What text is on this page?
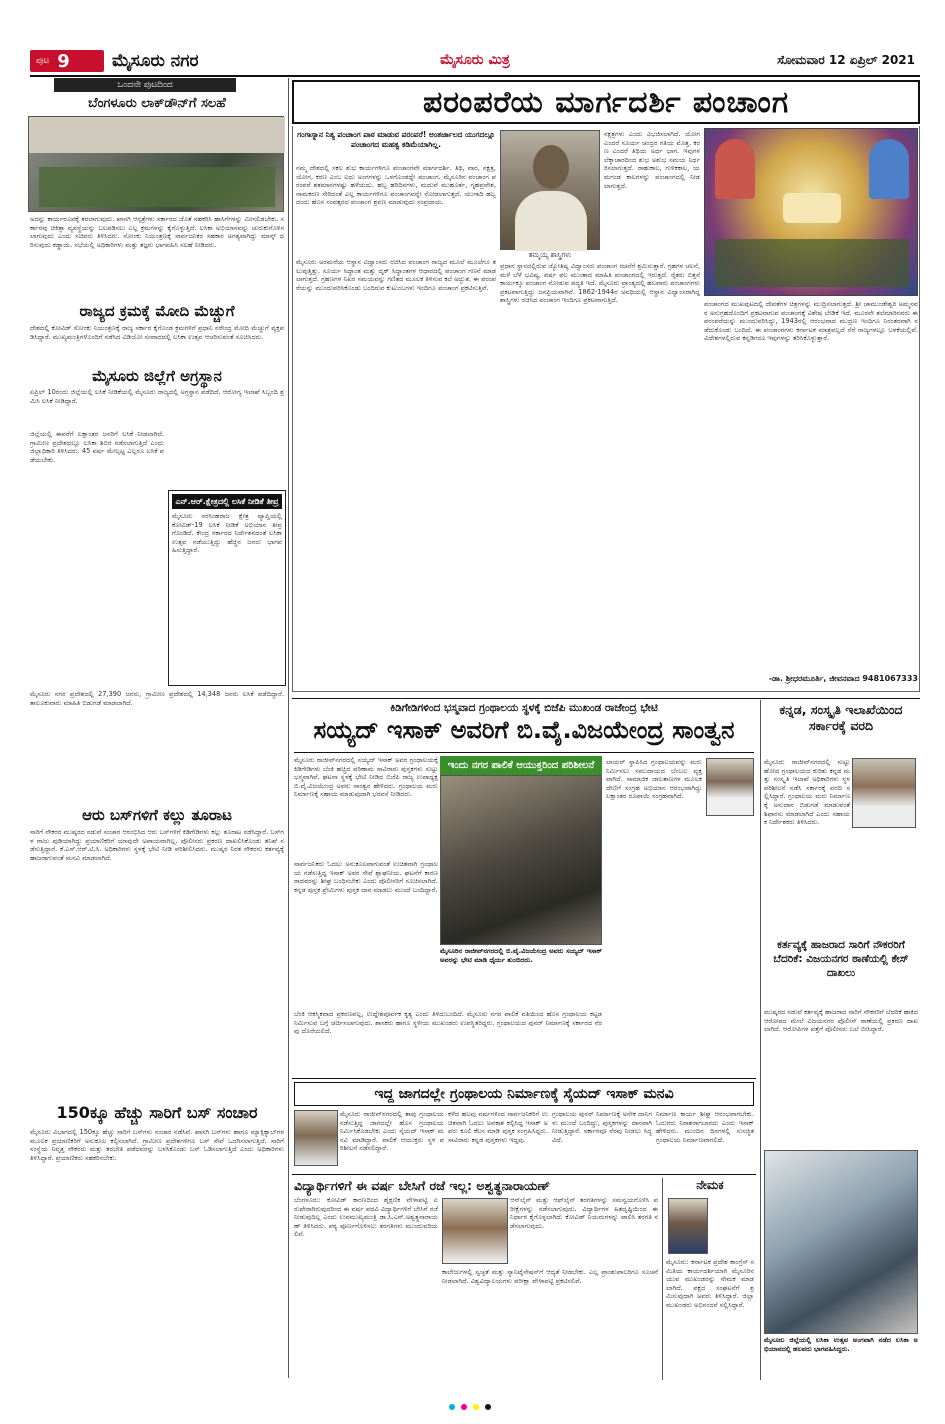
ಪುಟ 9 ಮೈಸೂರು ನಗರ	ಮೈಸೂರು ಮಿತ್ರ	ಸೋಮವಾರ 12 ಏಪ್ರಿಲ್ 2021
ಒಂದನೇ ಪುಟದಿಂದ
ಬೆಂಗಳೂರು ಲಾಕ್‌ಡೌನ್‌ಗೆ ಸಲಹೆ
ಅದನ್ನು ಕಾರ್ಯರೂಪಕ್ಕೆ ತರಲಾಗುವುದು. ಖಾಸಗಿ ಆಸ್ಪತ್ರೆಗಳು ಸರ್ಕಾರದ ಜೊತೆ ಸಹಕರಿಸಿ ಹಾಸಿಗೆಗಳನ್ನು ಮೀಸಲಿಡಬೇಕು. ಸರ್ಕಾರವು ಚಿಕಿತ್ಸಾ ವ್ಯವಸ್ಥೆಯನ್ನು ಬಲಪಡಿಸಲು ಎಲ್ಲ ಕ್ರಮಗಳನ್ನು ಕೈಗೊಳ್ಳುತ್ತಿದೆ. ಲಸಿಕಾ ಅಭಿಯಾನವನ್ನು ಚುರುಕುಗೊಳಿಸಲಾಗುವುದು ಎಂದು ಸಚಿವರು ತಿಳಿಸಿದರು. ಸೋಂಕು ನಿಯಂತ್ರಣಕ್ಕೆ ಸಾರ್ವಜನಿಕರ ಸಹಕಾರ ಅಗತ್ಯವಾಗಿದ್ದು ಮಾಸ್ಕ್ ಧರಿಸುವುದು ಕಡ್ಡಾಯ. ಸಭೆಯಲ್ಲಿ ಅಧಿಕಾರಿಗಳು ಮತ್ತು ತಜ್ಞರು ಭಾಗವಹಿಸಿ ಸಲಹೆ ನೀಡಿದರು.
ರಾಜ್ಯದ ಕ್ರಮಕ್ಕೆ ಮೋದಿ ಮೆಚ್ಚುಗೆ
ದೇಶದಲ್ಲಿ ಕೋವಿಡ್ ಸೋಂಕು ನಿಯಂತ್ರಣಕ್ಕೆ ರಾಜ್ಯ ಸರ್ಕಾರ ಕೈಗೊಂಡ ಕ್ರಮಗಳಿಗೆ ಪ್ರಧಾನಿ ನರೇಂದ್ರ ಮೋದಿ ಮೆಚ್ಚುಗೆ ವ್ಯಕ್ತಪಡಿಸಿದ್ದಾರೆ. ಮುಖ್ಯಮಂತ್ರಿಗಳೊಂದಿಗೆ ನಡೆಸಿದ ವಿಡಿಯೋ ಸಂವಾದದಲ್ಲಿ ಲಸಿಕಾ ಉತ್ಸವ ಆಚರಿಸುವಂತೆ ಸೂಚಿಸಿದರು.
ಮೈಸೂರು ಜಿಲ್ಲೆಗೆ ಅಗ್ರಸ್ಥಾನ
ಏಪ್ರಿಲ್ 10ರಂದು ಜಿಲ್ಲೆಯಲ್ಲಿ ಲಸಿಕೆ ನೀಡಿಕೆಯಲ್ಲಿ ಮೈಸೂರು ರಾಜ್ಯದಲ್ಲಿ ಅಗ್ರಸ್ಥಾನ ಪಡೆದಿದೆ. ಆರೋಗ್ಯ ಇಲಾಖೆ ಸಿಬ್ಬಂದಿ ಶ್ರಮಿಸಿ ಲಸಿಕೆ ನೀಡಿದ್ದಾರೆ.
ಜಿಲ್ಲೆಯಲ್ಲಿ ಈವರೆಗೆ ಲಕ್ಷಾಂತರ ಜನರಿಗೆ ಲಸಿಕೆ ನೀಡಲಾಗಿದೆ. ಗ್ರಾಮೀಣ ಪ್ರದೇಶದಲ್ಲೂ ಲಸಿಕಾ ಶಿಬಿರ ನಡೆಸಲಾಗುತ್ತಿದೆ ಎಂದು ಜಿಲ್ಲಾಧಿಕಾರಿ ತಿಳಿಸಿದರು. 45 ವರ್ಷ ಮೇಲ್ಪಟ್ಟ ಎಲ್ಲರೂ ಲಸಿಕೆ ಪಡೆಯಬೇಕು.
ಎನ್.ಆರ್.ಕ್ಷೇತ್ರದಲ್ಲಿ ಲಸಿಕೆ ನೀಡಿಕೆ ತೀವ್ರ
ಮೈಸೂರು ನರಸಿಂಹರಾಜ ಕ್ಷೇತ್ರ ವ್ಯಾಪ್ತಿಯಲ್ಲಿ ಕೋವಿಡ್-19 ಲಸಿಕೆ ನೀಡಿಕೆ ಅಭಿಯಾನ ತೀವ್ರಗೊಂಡಿದೆ. ಕೇಂದ್ರ ಸರ್ಕಾರದ ನಿರ್ದೇಶನದಂತೆ ಲಸಿಕಾ ಉತ್ಸವ ನಡೆಯುತ್ತಿದ್ದು ಹೆಚ್ಚಿನ ಜನರು ಭಾಗವಹಿಸುತ್ತಿದ್ದಾರೆ.
ಮೈಸೂರು ನಗರ ಪ್ರದೇಶದಲ್ಲಿ 27,390 ಜನರು, ಗ್ರಾಮೀಣ ಪ್ರದೇಶದಲ್ಲಿ 14,348 ಜನರು ಲಸಿಕೆ ಪಡೆದಿದ್ದಾರೆ. ತಾಲೂಕುವಾರು ಮಾಹಿತಿ ಬಿಡುಗಡೆ ಮಾಡಲಾಗಿದೆ.
ಆರು ಬಸ್‌ಗಳಿಗೆ ಕಲ್ಲು ತೂರಾಟ
ಸಾರಿಗೆ ನೌಕರರ ಮುಷ್ಕರದ ನಡುವೆ ಸಂಚಾರ ಆರಂಭಿಸಿದ ಆರು ಬಸ್‌ಗಳಿಗೆ ಕಿಡಿಗೇಡಿಗಳು ಕಲ್ಲು ತೂರಾಟ ನಡೆಸಿದ್ದಾರೆ. ಬಸ್‌ಗಳ ಗಾಜು ಪುಡಿಯಾಗಿದ್ದು ಪ್ರಯಾಣಿಕರಿಗೆ ಯಾವುದೇ ಅಪಾಯವಾಗಿಲ್ಲ. ಪೊಲೀಸರು ಪ್ರಕರಣ ದಾಖಲಿಸಿಕೊಂಡು ತನಿಖೆ ನಡೆಸುತ್ತಿದ್ದಾರೆ. ಕೆ.ಎಸ್.ಆರ್.ಟಿ.ಸಿ. ಅಧಿಕಾರಿಗಳು ಸ್ಥಳಕ್ಕೆ ಭೇಟಿ ನೀಡಿ ಪರಿಶೀಲಿಸಿದರು. ಮುಷ್ಕರ ನಿರತ ನೌಕರರು ಕರ್ತವ್ಯಕ್ಕೆ ಹಾಜರಾಗುವಂತೆ ಮನವಿ ಮಾಡಲಾಗಿದೆ.
150ಕ್ಕೂ ಹೆಚ್ಚು ಸಾರಿಗೆ ಬಸ್ ಸಂಚಾರ
ಮೈಸೂರು ವಿಭಾಗದಲ್ಲಿ 150ಕ್ಕೂ ಹೆಚ್ಚು ಸಾರಿಗೆ ಬಸ್‌ಗಳು ಸಂಚಾರ ನಡೆಸಿವೆ. ಖಾಸಗಿ ಬಸ್‌ಗಳು ಹಾಗೂ ಮ್ಯಾಕ್ಸಿಕ್ಯಾಬ್‌ಗಳ ಮೂಲಕ ಪ್ರಯಾಣಿಕರಿಗೆ ಅನುಕೂಲ ಕಲ್ಪಿಸಲಾಗಿದೆ. ಗ್ರಾಮೀಣ ಪ್ರದೇಶಗಳಿಗೂ ಬಸ್ ಸೇವೆ ಒದಗಿಸಲಾಗುತ್ತಿದೆ. ಸಾರಿಗೆ ಸಂಸ್ಥೆಯ ನಿವೃತ್ತ ನೌಕರರು ಮತ್ತು ತರಬೇತಿ ಪಡೆದವರನ್ನು ಬಳಸಿಕೊಂಡು ಬಸ್ ಓಡಿಸಲಾಗುತ್ತಿದೆ ಎಂದು ಅಧಿಕಾರಿಗಳು ತಿಳಿಸಿದ್ದಾರೆ. ಪ್ರಯಾಣಿಕರು ಸಹಕರಿಸಬೇಕು.
ಪರಂಪರೆಯ ಮಾರ್ಗದರ್ಶಿ ಪಂಚಾಂಗ
ಗಂಗಾಸ್ನಾನ ನಿತ್ಯ ಪಂಚಾಂಗ ಪಾಠ ಮಾಡುವ ಪರಂಪರೆ! ಅಂತರ್ಜಾಲದ ಯುಗದಲ್ಲೂ ಪಂಚಾಂಗದ ಮಹತ್ವ ಕಡಿಮೆಯಾಗಿಲ್ಲ.
ನಮ್ಮ ದೇಶದಲ್ಲಿ ಸಕಲ ಶುಭ ಕಾರ್ಯಗಳಿಗೂ ಪಂಚಾಂಗವೇ ಮಾರ್ಗದರ್ಶಿ. ತಿಥಿ, ವಾರ, ನಕ್ಷತ್ರ, ಯೋಗ, ಕರಣ ಎಂಬ ಐದು ಅಂಗಗಳನ್ನು ಒಳಗೊಂಡದ್ದೇ ಪಂಚಾಂಗ. ಮೈಸೂರಿನ ಪಂಚಾಂಗ ಪರಂಪರೆ ಶತಮಾನಗಳಷ್ಟು ಹಳೆಯದು. ಹಬ್ಬ ಹರಿದಿನಗಳು, ಮದುವೆ ಮುಹೂರ್ತ, ಗೃಹಪ್ರವೇಶ, ನಾಮಕರಣ ಸೇರಿದಂತೆ ಎಲ್ಲ ಕಾರ್ಯಗಳಿಗೂ ಪಂಚಾಂಗವನ್ನೇ ನೋಡಲಾಗುತ್ತದೆ. ಯುಗಾದಿ ಹಬ್ಬದಂದು ಹೊಸ ಸಂವತ್ಸರದ ಪಂಚಾಂಗ ಶ್ರವಣ ಮಾಡುವುದು ಸಂಪ್ರದಾಯ.
ತಮ್ಮಯ್ಯ ಶಾಸ್ತ್ರಿಗಳು
ನಕ್ಷತ್ರಗಳು ಎಂದು ವಿಭಜಿಸಲಾಗಿದೆ. ಯೋಗ ಎಂದರೆ ಸೂರ್ಯ ಚಂದ್ರರ ಗತಿಯ ಮೊತ್ತ. ಕರಣ ಎಂದರೆ ತಿಥಿಯ ಅರ್ಧ ಭಾಗ. ಇವುಗಳ ಲೆಕ್ಕಾಚಾರದಿಂದ ಶುಭ ಅಶುಭ ಸಮಯ ನಿರ್ಧರಿಸಲಾಗುತ್ತದೆ. ರಾಹುಕಾಲ, ಗುಳಿಕಕಾಲ, ಯಮಗಂಡ ಕಾಲಗಳನ್ನು ಪಂಚಾಂಗದಲ್ಲಿ ನೀಡಲಾಗುತ್ತದೆ.
ಮೈಸೂರು ಅರಮನೆಯ ಆಸ್ಥಾನ ವಿದ್ವಾಂಸರು ರಚಿಸಿದ ಪಂಚಾಂಗ ರಾಜ್ಯದ ಮೂಲೆ ಮೂಲೆಗೂ ತಲುಪುತ್ತಿತ್ತು. ಸೂರ್ಯ ಸಿದ್ಧಾಂತ ಮತ್ತು ದೃಕ್ ಸಿದ್ಧಾಂತಗಳ ಆಧಾರದಲ್ಲಿ ಪಂಚಾಂಗ ಗಣನೆ ಮಾಡಲಾಗುತ್ತದೆ. ಗ್ರಹಣಗಳ ನಿಖರ ಸಮಯವನ್ನು ಗಣಿತದ ಮೂಲಕ ತಿಳಿಸುವ ಕಲೆ ಅದ್ಭುತ. ಈ ಪರಂಪರೆಯನ್ನು ಮುಂದುವರಿಸಿಕೊಂಡು ಬಂದಿರುವ ಕುಟುಂಬಗಳು ಇಂದಿಗೂ ಪಂಚಾಂಗ ಪ್ರಕಟಿಸುತ್ತಿವೆ.
ಪ್ರಧಾನ ಸ್ಥಾನದಲ್ಲಿರುವ ಜ್ಯೋತಿಷ್ಯ ವಿದ್ವಾಂಸರು ಪಂಚಾಂಗ ರಚನೆಗೆ ಶ್ರಮಿಸುತ್ತಾರೆ. ಗ್ರಹಗಳ ಚಲನೆ, ಮಳೆ ಬೆಳೆ ಭವಿಷ್ಯ, ವರ್ಷ ಫಲ ಮುಂತಾದ ಮಾಹಿತಿ ಪಂಚಾಂಗದಲ್ಲಿ ಇರುತ್ತದೆ. ರೈತರು ಬಿತ್ತನೆ ಕಾರ್ಯಕ್ಕೂ ಪಂಚಾಂಗ ನೋಡುವ ಪದ್ಧತಿ ಇದೆ. ಮೈಸೂರು ಪ್ರಾಂತ್ಯದಲ್ಲಿ ಹಲವಾರು ಪಂಚಾಂಗಗಳು ಪ್ರಕಟವಾಗುತ್ತಿದ್ದು ಜನಪ್ರಿಯವಾಗಿವೆ. 1862-1944ರ ಅವಧಿಯಲ್ಲಿ ಆಸ್ಥಾನ ವಿದ್ವಾಂಸರಾಗಿದ್ದ ಶಾಸ್ತ್ರಿಗಳು ರಚಿಸಿದ ಪಂಚಾಂಗ ಇಂದಿಗೂ ಪ್ರಕಟವಾಗುತ್ತಿದೆ.	ಪಂಚಾಂಗದ ಮುಖಪುಟದಲ್ಲಿ ದೇವತೆಗಳ ಚಿತ್ರಗಳನ್ನು ಮುದ್ರಿಸಲಾಗುತ್ತದೆ. ಶ್ರೀ ಚಾಮುಂಡೇಶ್ವರಿ ಅಮ್ಮನವರ ಅನುಗ್ರಹದೊಂದಿಗೆ ಪ್ರಕಟವಾಗುವ ಪಂಚಾಂಗಕ್ಕೆ ವಿಶೇಷ ಬೇಡಿಕೆ ಇದೆ. ಮೂರನೇ ತಲೆಮಾರಿನವರು ಈ ಪರಂಪರೆಯನ್ನು ಮುಂದುವರಿಸಿದ್ದು, 1943ರಲ್ಲಿ ಆರಂಭವಾದ ಮುದ್ರಣ ಇಂದಿಗೂ ನಿರಂತರವಾಗಿ ನಡೆದುಕೊಂಡು ಬಂದಿದೆ. ಈ ಪಂಚಾಂಗಗಳು ಕರ್ನಾಟಕ ಮಾತ್ರವಲ್ಲದೆ ನೆರೆ ರಾಜ್ಯಗಳಲ್ಲೂ ಬಳಕೆಯಲ್ಲಿವೆ. ವಿದೇಶಗಳಲ್ಲಿರುವ ಕನ್ನಡಿಗರೂ ಇವುಗಳನ್ನು ತರಿಸಿಕೊಳ್ಳುತ್ತಾರೆ.
-ಡಾ. ಶ್ರೀಧರಮೂರ್ತಿ, ಜೀವನವಾದ 9481067333
ಕಿಡಿಗೇಡಿಗಳಿಂದ ಭಸ್ಮವಾದ ಗ್ರಂಥಾಲಯ ಸ್ಥಳಕ್ಕೆ ಬಿಜೆಪಿ ಮುಖಂಡ ರಾಜೇಂದ್ರ ಭೇಟಿ
ಸಯ್ಯದ್ ಇಸಾಕ್ ಅವರಿಗೆ ಬಿ.ವೈ.ವಿಜಯೇಂದ್ರ ಸಾಂತ್ವನ
ಮೈಸೂರು ರಾಜೀವ್‌ನಗರದಲ್ಲಿ ಸಯ್ಯದ್ ಇಸಾಕ್ ಅವರ ಗ್ರಂಥಾಲಯಕ್ಕೆ ಕಿಡಿಗೇಡಿಗಳು ಬೆಂಕಿ ಹಚ್ಚಿದ ಪರಿಣಾಮ ಸಾವಿರಾರು ಪುಸ್ತಕಗಳು ಸುಟ್ಟು ಭಸ್ಮವಾಗಿವೆ. ಘಟನಾ ಸ್ಥಳಕ್ಕೆ ಭೇಟಿ ನೀಡಿದ ಬಿಜೆಪಿ ರಾಜ್ಯ ಉಪಾಧ್ಯಕ್ಷ ಬಿ.ವೈ.ವಿಜಯೇಂದ್ರ ಅವರು ಸಾಂತ್ವನ ಹೇಳಿದರು. ಗ್ರಂಥಾಲಯ ಮರು ನಿರ್ಮಾಣಕ್ಕೆ ಸಹಾಯ ಮಾಡುವುದಾಗಿ ಭರವಸೆ ನೀಡಿದರು.
ಇಂದು ನಗರ ಪಾಲಿಕೆ ಆಯುಕ್ತರಿಂದ ಪರಿಶೀಲನೆ
ಮೈಸೂರಿನ ರಾಜೀವ್‌ನಗರದಲ್ಲಿ ಬಿ.ವೈ.ವಿಜಯೇಂದ್ರ ಅವರು ಸಯ್ಯದ್ ಇಸಾಕ್ ಅವರನ್ನು ಭೇಟಿ ಮಾಡಿ ಧೈರ್ಯ ತುಂಬಿದರು.
ಸಾರ್ವಜನಿಕರು ಓದಲು ಅನುಕೂಲವಾಗುವಂತೆ ಉಚಿತವಾಗಿ ಗ್ರಂಥಾಲಯ ನಡೆಸುತ್ತಿದ್ದ ಇಸಾಕ್ ಅವರ ಸೇವೆ ಶ್ಲಾಘನೀಯ. ಘಟನೆಗೆ ಕಾರಣರಾದವರನ್ನು ಶೀಘ್ರ ಬಂಧಿಸಬೇಕು ಎಂದು ಪೊಲೀಸರಿಗೆ ಸೂಚಿಸಲಾಗಿದೆ. ಕನ್ನಡ ಪುಸ್ತಕ ಪ್ರೇಮಿಗಳು ಪುಸ್ತಕ ದಾನ ಮಾಡಲು ಮುಂದೆ ಬಂದಿದ್ದಾರೆ.
ಬೆಂಕಿ ಆಕಸ್ಮಿಕವಾದ ಪ್ರಕರಣವಲ್ಲ, ಉದ್ದೇಶಪೂರ್ವಕ ಕೃತ್ಯ ಎಂದು ತಿಳಿದುಬಂದಿದೆ. ಮೈಸೂರು ನಗರ ಪಾಲಿಕೆ ವತಿಯಿಂದ ಹೊಸ ಗ್ರಂಥಾಲಯ ಕಟ್ಟಡ ನಿರ್ಮಿಸುವ ಬಗ್ಗೆ ಚರ್ಚಿಸಲಾಗುವುದು. ಶಾಸಕರು ಹಾಗೂ ಸ್ಥಳೀಯ ಮುಖಂಡರು ಉಪಸ್ಥಿತರಿದ್ದರು. ಗ್ರಂಥಾಲಯದ ಪುನರ್ ನಿರ್ಮಾಣಕ್ಕೆ ಸರ್ಕಾರದ ನೆರವು ದೊರೆಯಲಿದೆ.
ಲಾಯರ್ ಸ್ಥಾಪಿಸಿದ ಗ್ರಂಥಾಲಯವನ್ನು ಮರು ನಿರ್ಮಿಸಲು ಸಮುದಾಯದ ಬೆಂಬಲ ವ್ಯಕ್ತವಾಗಿದೆ. ಸಾಮಾಜಿಕ ಜಾಲತಾಣಗಳ ಮೂಲಕ ದೇಣಿಗೆ ಸಂಗ್ರಹ ಅಭಿಯಾನ ಆರಂಭವಾಗಿದ್ದು ಲಕ್ಷಾಂತರ ರೂಪಾಯಿ ಸಂಗ್ರಹವಾಗಿದೆ.
ಕನ್ನಡ, ಸಂಸ್ಕೃತಿ ಇಲಾಖೆಯಿಂದ ಸರ್ಕಾರಕ್ಕೆ ವರದಿ
ಮೈಸೂರು ರಾಜೀವ್‌ನಗರದಲ್ಲಿ ಸುಟ್ಟು ಹೋದ ಗ್ರಂಥಾಲಯದ ಕುರಿತು ಕನ್ನಡ ಮತ್ತು ಸಂಸ್ಕೃತಿ ಇಲಾಖೆ ಅಧಿಕಾರಿಗಳು ಸ್ಥಳ ಪರಿಶೀಲನೆ ನಡೆಸಿ ಸರ್ಕಾರಕ್ಕೆ ವರದಿ ಸಲ್ಲಿಸಿದ್ದಾರೆ. ಗ್ರಂಥಾಲಯ ಮರು ನಿರ್ಮಾಣಕ್ಕೆ ಅನುದಾನ ಬಿಡುಗಡೆ ಮಾಡುವಂತೆ ಶಿಫಾರಸು ಮಾಡಲಾಗಿದೆ ಎಂದು ಸಹಾಯಕ ನಿರ್ದೇಶಕರು ತಿಳಿಸಿದರು.
ಕರ್ತವ್ಯಕ್ಕೆ ಹಾಜರಾದ ಸಾರಿಗೆ ನೌಕರರಿಗೆ ಬೆದರಿಕೆ: ವಿಜಯನಗರ ಠಾಣೆಯಲ್ಲಿ ಕೇಸ್ ದಾಖಲು
ಮುಷ್ಕರದ ನಡುವೆ ಕರ್ತವ್ಯಕ್ಕೆ ಹಾಜರಾದ ಸಾರಿಗೆ ನೌಕರರಿಗೆ ಬೆದರಿಕೆ ಹಾಕಿದ ಆರೋಪದ ಮೇಲೆ ವಿಜಯನಗರ ಪೊಲೀಸ್ ಠಾಣೆಯಲ್ಲಿ ಪ್ರಕರಣ ದಾಖಲಾಗಿದೆ. ಆರೋಪಿಗಳ ಪತ್ತೆಗೆ ಪೊಲೀಸರು ಬಲೆ ಬೀಸಿದ್ದಾರೆ.
ಮೈಸೂರು ಜಿಲ್ಲೆಯಲ್ಲಿ ಲಸಿಕಾ ಉತ್ಸವ ಅಂಗವಾಗಿ ನಡೆದ ಲಸಿಕಾ ಅಭಿಯಾನದಲ್ಲಿ ಹಲವರು ಭಾಗವಹಿಸಿದ್ದರು.
ಇದ್ದ ಜಾಗದಲ್ಲೇ ಗ್ರಂಥಾಲಯ ನಿರ್ಮಾಣಕ್ಕೆ ಸೈಯದ್ ಇಸಾಕ್ ಮನವಿ
ಮೈಸೂರು ರಾಜೀವ್‌ನಗರದಲ್ಲಿ ತಾವು ಗ್ರಂಥಾಲಯ ನಡೆಸುತ್ತಿದ್ದ ಜಾಗದಲ್ಲೇ ಹೊಸ ಗ್ರಂಥಾಲಯ ನಿರ್ಮಿಸಿಕೊಡಬೇಕು ಎಂದು ಸೈಯದ್ ಇಸಾಕ್ ಮನವಿ ಮಾಡಿದ್ದಾರೆ. ಪಾಲಿಕೆ ಆಯುಕ್ತರು ಸ್ಥಳ ಪರಿಶೀಲನೆ ನಡೆಸಲಿದ್ದಾರೆ.
ಕಳೆದ ಹಲವು ವರ್ಷಗಳಿಂದ ಸಾರ್ವಜನಿಕರಿಗೆ ಉಚಿತವಾಗಿ ಓದಲು ಅವಕಾಶ ಕಲ್ಪಿಸಿದ್ದ ಇಸಾಕ್ ಅವರು ಕೂಲಿ ಕೆಲಸ ಮಾಡಿ ಪುಸ್ತಕ ಸಂಗ್ರಹಿಸಿದ್ದರು. ಸಾವಿರಾರು ಕನ್ನಡ ಪುಸ್ತಕಗಳು ಇದ್ದವು.
ಗ್ರಂಥಾಲಯ ಪುನರ್ ನಿರ್ಮಾಣಕ್ಕೆ ಅನೇಕ ದಾನಿಗಳು ಮುಂದೆ ಬಂದಿದ್ದು, ಪುಸ್ತಕಗಳನ್ನು ದಾನವಾಗಿ ನೀಡುತ್ತಿದ್ದಾರೆ. ಸರ್ಕಾರವೂ ನೆರವು ನೀಡಲು ಸಿದ್ಧವಿದೆ.
ನಿರ್ಮಾಣ ಕಾರ್ಯ ಶೀಘ್ರ ಆರಂಭವಾಗಬೇಕು. ಓದುಗರು ನಿರಾಶರಾಗಬಾರದು ಎಂದು ಇಸಾಕ್ ಹೇಳಿದರು. ಮುಂದಿನ ದಿನಗಳಲ್ಲಿ ಸುಸಜ್ಜಿತ ಗ್ರಂಥಾಲಯ ನಿರ್ಮಾಣವಾಗಲಿದೆ.
ವಿದ್ಯಾರ್ಥಿಗಳಿಗೆ ಈ ವರ್ಷ ಬೇಸಿಗೆ ರಜೆ ಇಲ್ಲ: ಅಶ್ವತ್ಥನಾರಾಯಣ್
ಬೆಂಗಳೂರು: ಕೋವಿಡ್ ಕಾರಣದಿಂದ ಶೈಕ್ಷಣಿಕ ವೇಳಾಪಟ್ಟಿ ಏರುಪೇರಾಗಿರುವುದರಿಂದ ಈ ವರ್ಷ ಪದವಿ ವಿದ್ಯಾರ್ಥಿಗಳಿಗೆ ಬೇಸಿಗೆ ರಜೆ ನೀಡುವುದಿಲ್ಲ ಎಂದು ಉಪಮುಖ್ಯಮಂತ್ರಿ ಡಾ.ಸಿ.ಎನ್.ಅಶ್ವತ್ಥನಾರಾಯಣ್ ತಿಳಿಸಿದರು. ಪಠ್ಯ ಪೂರ್ಣಗೊಳಿಸಲು ತರಗತಿಗಳು ಮುಂದುವರಿಯಲಿವೆ.
ಆನ್‌ಲೈನ್ ಮತ್ತು ಆಫ್‌ಲೈನ್ ತರಗತಿಗಳನ್ನು ಸಮನ್ವಯಗೊಳಿಸಿ ಪರೀಕ್ಷೆಗಳನ್ನು ನಡೆಸಲಾಗುವುದು. ವಿದ್ಯಾರ್ಥಿಗಳ ಹಿತದೃಷ್ಟಿಯಿಂದ ಈ ನಿರ್ಧಾರ ಕೈಗೊಳ್ಳಲಾಗಿದೆ. ಕೋವಿಡ್ ನಿಯಮಗಳನ್ನು ಪಾಲಿಸಿ ತರಗತಿ ನಡೆಸಲಾಗುವುದು.
ಕಾಲೇಜುಗಳಲ್ಲಿ ಸ್ವಚ್ಛತೆ ಮತ್ತು ಸ್ಯಾನಿಟೈಸೇಷನ್‌ಗೆ ಆದ್ಯತೆ ನೀಡಬೇಕು. ಎಲ್ಲ ಪ್ರಾಂಶುಪಾಲರಿಗೂ ಸೂಚನೆ ನೀಡಲಾಗಿದೆ. ವಿಶ್ವವಿದ್ಯಾಲಯಗಳು ಪರೀಕ್ಷಾ ವೇಳಾಪಟ್ಟಿ ಪ್ರಕಟಿಸಲಿವೆ.
ನೇಮಕ
ಮೈಸೂರು: ಕರ್ನಾಟಕ ಪ್ರದೇಶ ಕಾಂಗ್ರೆಸ್ ಸಮಿತಿಯ ಕಾರ್ಯದರ್ಶಿಯಾಗಿ ಮೈಸೂರಿನ ಯುವ ಮುಖಂಡರನ್ನು ನೇಮಕ ಮಾಡಲಾಗಿದೆ. ಪಕ್ಷದ ಸಂಘಟನೆಗೆ ಶ್ರಮಿಸುವುದಾಗಿ ಅವರು ತಿಳಿಸಿದ್ದಾರೆ. ಜಿಲ್ಲಾ ಮುಖಂಡರು ಅಭಿನಂದನೆ ಸಲ್ಲಿಸಿದ್ದಾರೆ.
